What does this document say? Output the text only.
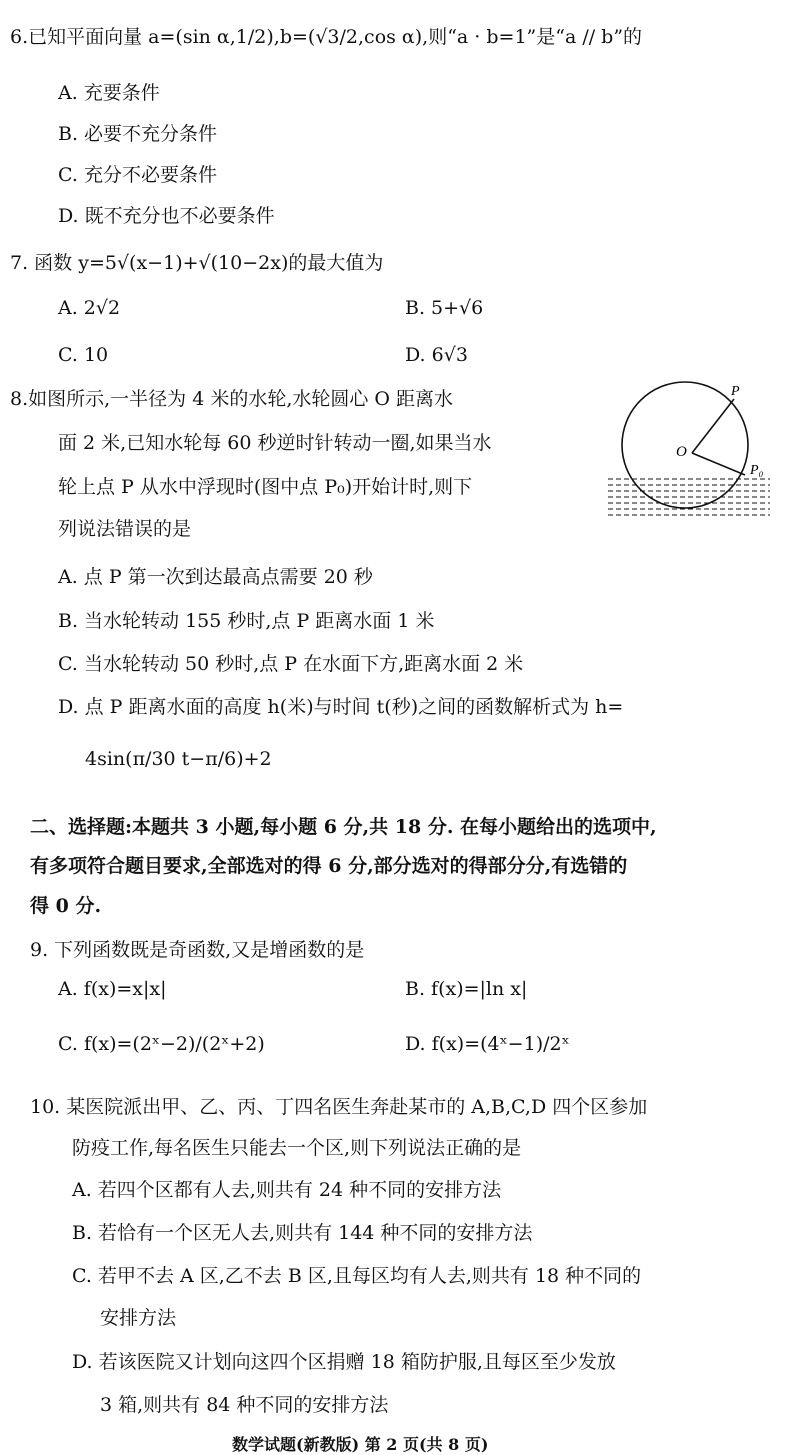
6.已知平面向量 a=(sin α,1/2),b=(√3/2,cos α),则“a · b=1”是“a // b”的
A. 充要条件
B. 必要不充分条件
C. 充分不必要条件
D. 既不充分也不必要条件
7. 函数 y=5√(x−1)+√(10−2x)的最大值为
A. 2√2	B. 5+√6
C. 10	D. 6√3
8.如图所示,一半径为 4 米的水轮,水轮圆心 O 距离水
面 2 米,已知水轮每 60 秒逆时针转动一圈,如果当水
轮上点 P 从水中浮现时(图中点 P₀)开始计时,则下
列说法错误的是
O
P
P₀
A. 点 P 第一次到达最高点需要 20 秒
B. 当水轮转动 155 秒时,点 P 距离水面 1 米
C. 当水轮转动 50 秒时,点 P 在水面下方,距离水面 2 米
D. 点 P 距离水面的高度 h(米)与时间 t(秒)之间的函数解析式为 h=
4sin(π/30 t−π/6)+2
二、选择题:本题共 3 小题,每小题 6 分,共 18 分. 在每小题给出的选项中,
有多项符合题目要求,全部选对的得 6 分,部分选对的得部分分,有选错的
得 0 分.
9. 下列函数既是奇函数,又是增函数的是
A. f(x)=x|x|	B. f(x)=|ln x|
C. f(x)=(2ˣ−2)/(2ˣ+2)	D. f(x)=(4ˣ−1)/2ˣ
10. 某医院派出甲、乙、丙、丁四名医生奔赴某市的 A,B,C,D 四个区参加
防疫工作,每名医生只能去一个区,则下列说法正确的是
A. 若四个区都有人去,则共有 24 种不同的安排方法
B. 若恰有一个区无人去,则共有 144 种不同的安排方法
C. 若甲不去 A 区,乙不去 B 区,且每区均有人去,则共有 18 种不同的
安排方法
D. 若该医院又计划向这四个区捐赠 18 箱防护服,且每区至少发放
3 箱,则共有 84 种不同的安排方法
数学试题(新教版) 第 2 页(共 8 页)
